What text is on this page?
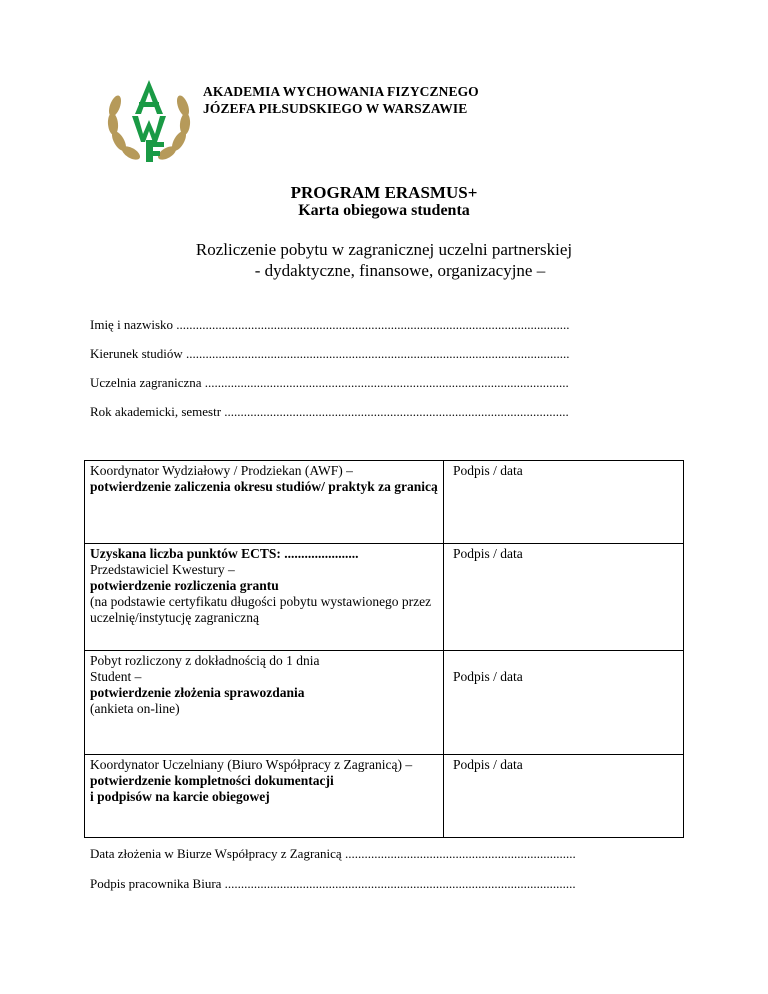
AKADEMIA WYCHOWANIA FIZYCZNEGO
JÓZEFA PIŁSUDSKIEGO W WARSZAWIE
PROGRAM ERASMUS+
Karta obiegowa studenta
Rozliczenie pobytu w zagranicznej uczelni partnerskiej
- dydaktyczne, finansowe, organizacyjne –
Imię i nazwisko .........................................................................................................................
Kierunek studiów ......................................................................................................................
Uczelnia zagraniczna ................................................................................................................
Rok akademicki, semestr ..........................................................................................................
Koordynator Wydziałowy / Prodziekan (AWF) –
potwierdzenie zaliczenia okresu studiów/ praktyk za granicą	Podpis / data

Uzyskana liczba punktów ECTS: ......................
Przedstawiciel Kwestury –
potwierdzenie rozliczenia grantu
(na podstawie certyfikatu długości pobytu wystawionego przez uczelnię/instytucję zagraniczną	Podpis / data

Pobyt rozliczony z dokładnością do 1 dnia
Student –
potwierdzenie złożenia sprawozdania
(ankieta on-line)	Podpis / data

Koordynator Uczelniany (Biuro Współpracy z Zagranicą) –
potwierdzenie kompletności dokumentacji
i podpisów na karcie obiegowej	Podpis / data
Data złożenia w Biurze Współpracy z Zagranicą .......................................................................
Podpis pracownika Biura ............................................................................................................
